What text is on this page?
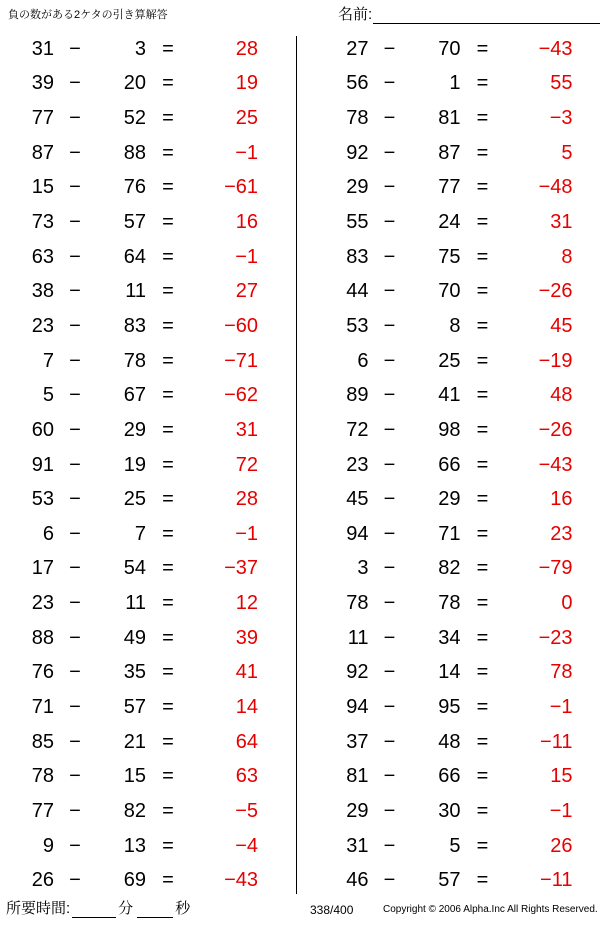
負の数がある2ケタの引き算解答	名前:
31 −	3 =	28
39 −	20 =	19
77 −	52 =	25
87 −	88 =	−1
15 −	76 =	−61
73 −	57 =	16
63 −	64 =	−1
38 −	11 =	27
23 −	83 =	−60
7 −	78 =	−71
5 −	67 =	−62
60 −	29 =	31
91 −	19 =	72
53 −	25 =	28
6 −	7 =	−1
17 −	54 =	−37
23 −	11 =	12
88 −	49 =	39
76 −	35 =	41
71 −	57 =	14
85 −	21 =	64
78 −	15 =	63
77 −	82 =	−5
9 −	13 =	−4
26 −	69 =	−43
27 −	70 =	−43
56 −	1 =	55
78 −	81 =	−3
92 −	87 =	5
29 −	77 =	−48
55 −	24 =	31
83 −	75 =	8
44 −	70 =	−26
53 −	8 =	45
6 −	25 =	−19
89 −	41 =	48
72 −	98 =	−26
23 −	66 =	−43
45 −	29 =	16
94 −	71 =	23
3 −	82 =	−79
78 −	78 =	0
11 −	34 =	−23
92 −	14 =	78
94 −	95 =	−1
37 −	48 =	−11
81 −	66 =	15
29 −	30 =	−1
31 −	5 =	26
46 −	57 =	−11
所要時間:	分	秒	338/400	Copyright © 2006 Alpha.Inc All Rights Reserved.
